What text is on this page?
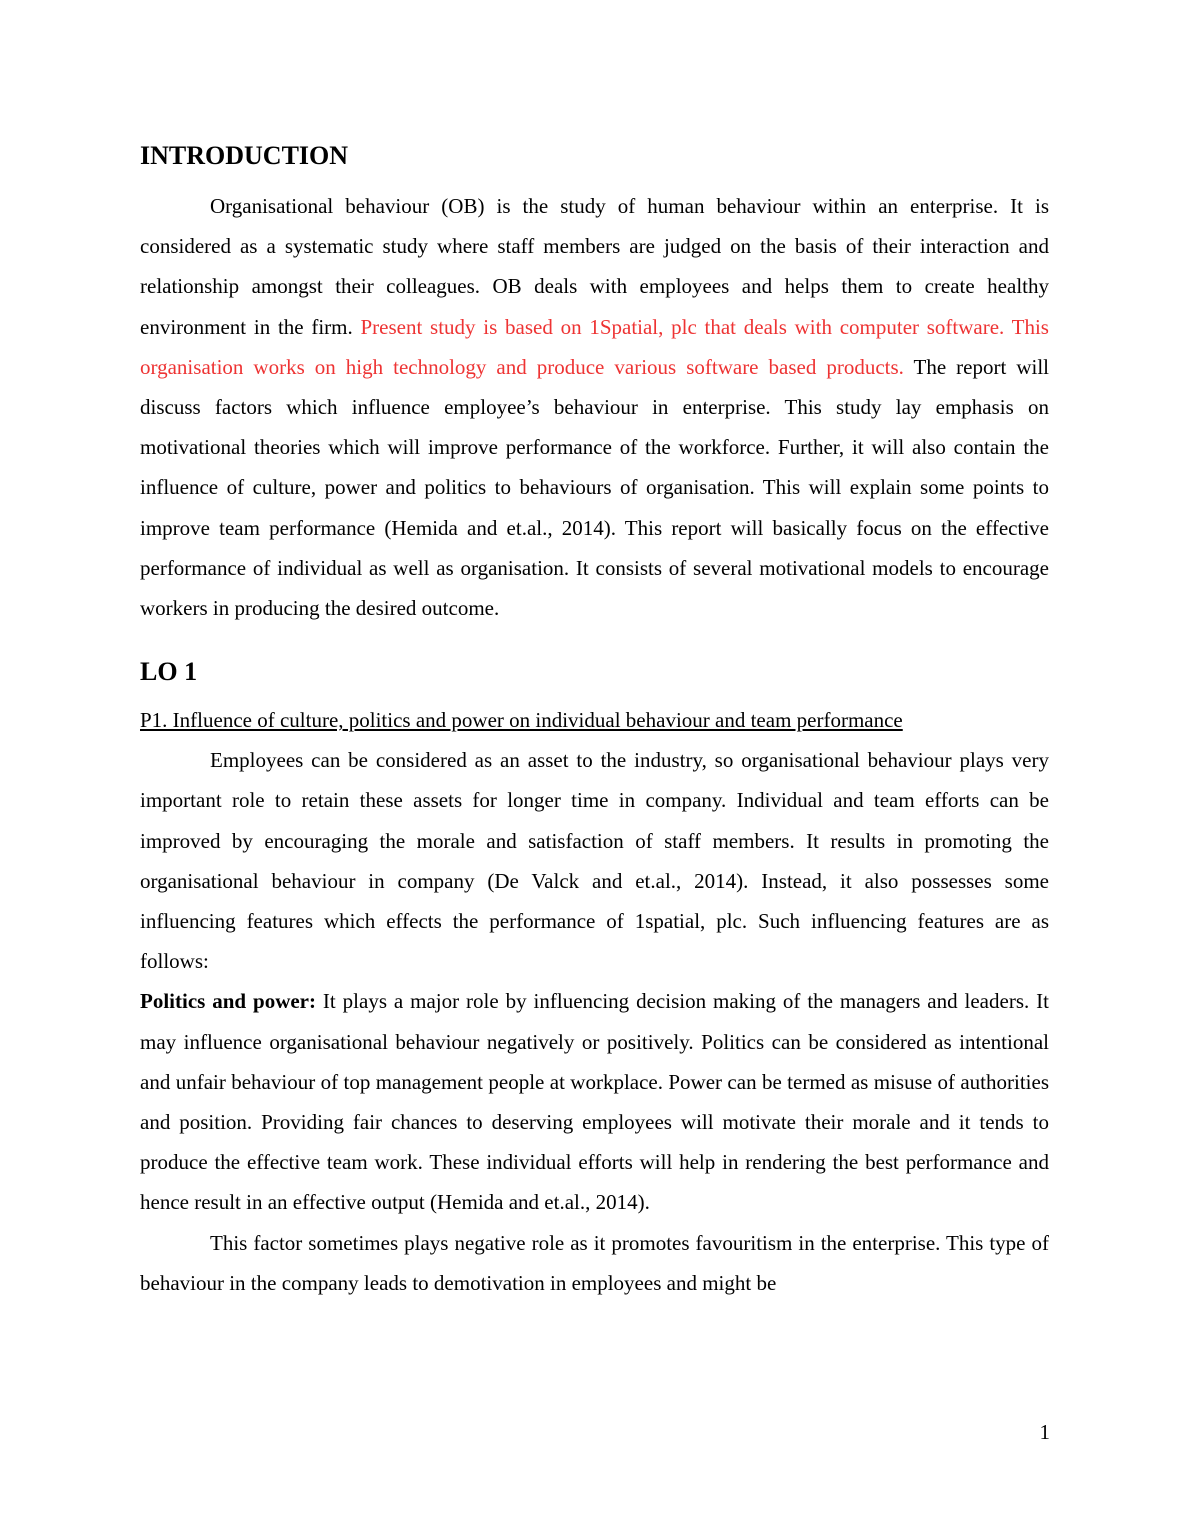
INTRODUCTION

Organisational behaviour (OB) is the study of human behaviour within an enterprise. It is considered as a systematic study where staff members are judged on the basis of their interaction and relationship amongst their colleagues. OB deals with employees and helps them to create healthy environment in the firm. Present study is based on 1Spatial, plc that deals with computer software. This organisation works on high technology and produce various software based products. The report will discuss factors which influence employee’s behaviour in enterprise. This study lay emphasis on motivational theories which will improve performance of the workforce. Further, it will also contain the influence of culture, power and politics to behaviours of organisation. This will explain some points to improve team performance (Hemida and et.al., 2014). This report will basically focus on the effective performance of individual as well as organisation. It consists of several motivational models to encourage workers in producing the desired outcome.

LO 1
P1. Influence of culture, politics and power on individual behaviour and team performance

Employees can be considered as an asset to the industry, so organisational behaviour plays very important role to retain these assets for longer time in company. Individual and team efforts can be improved by encouraging the morale and satisfaction of staff members. It results in promoting the organisational behaviour in company (De Valck and et.al., 2014). Instead, it also possesses some influencing features which effects the performance of 1spatial, plc. Such influencing features are as follows:

Politics and power: It plays a major role by influencing decision making of the managers and leaders. It may influence organisational behaviour negatively or positively. Politics can be considered as intentional and unfair behaviour of top management people at workplace. Power can be termed as misuse of authorities and position. Providing fair chances to deserving employees will motivate their morale and it tends to produce the effective team work. These individual efforts will help in rendering the best performance and hence result in an effective output (Hemida and et.al., 2014).

This factor sometimes plays negative role as it promotes favouritism in the enterprise. This type of behaviour in the company leads to demotivation in employees and might be

1
